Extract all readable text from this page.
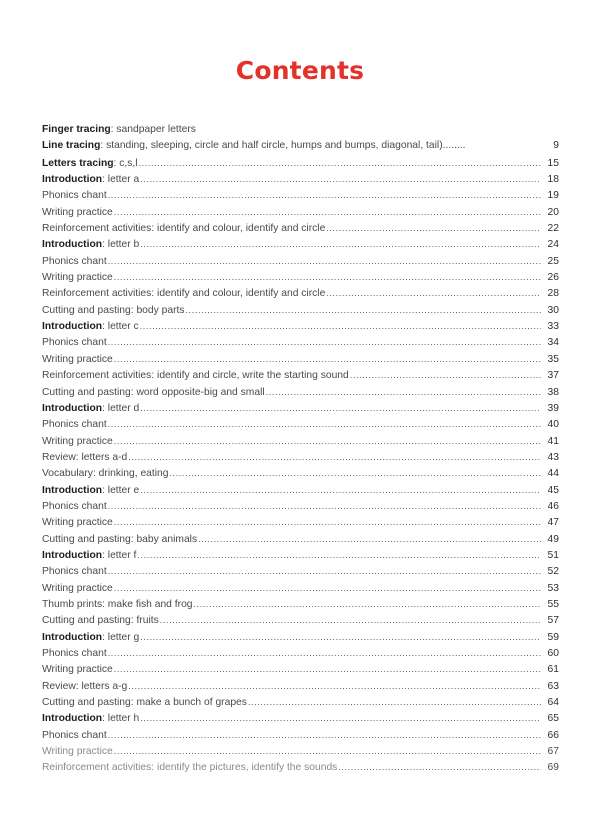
Contents
Finger tracing: sandpaper letters
Line tracing: standing, sleeping, circle and half circle, humps and bumps, diagonal, tail)........	9
Letters tracing: c,s,l .....	15
Introduction: letter a .....	18
Phonics chant .....	19
Writing practice .....	20
Reinforcement activities: identify and colour, identify and circle .....	22
Introduction: letter b .....	24
Phonics chant .....	25
Writing practice .....	26
Reinforcement activities: identify and colour, identify and circle .....	28
Cutting and pasting: body parts .....	30
Introduction: letter c .....	33
Phonics chant .....	34
Writing practice .....	35
Reinforcement activities: identify and circle, write the starting sound .....	37
Cutting and pasting: word opposite-big and small .....	38
Introduction: letter d .....	39
Phonics chant .....	40
Writing practice .....	41
Review: letters a-d .....	43
Vocabulary: drinking, eating .....	44
Introduction: letter e .....	45
Phonics chant .....	46
Writing practice .....	47
Cutting and pasting: baby animals .....	49
Introduction: letter f .....	51
Phonics chant .....	52
Writing practice .....	53
Thumb prints: make fish and frog .....	55
Cutting and pasting: fruits .....	57
Introduction: letter g .....	59
Phonics chant .....	60
Writing practice .....	61
Review: letters a-g .....	63
Cutting and pasting: make a bunch of grapes .....	64
Introduction: letter h .....	65
Phonics chant .....	66
Writing practice .....	67
Reinforcement activities: identify the pictures, identify the sounds .....	69
